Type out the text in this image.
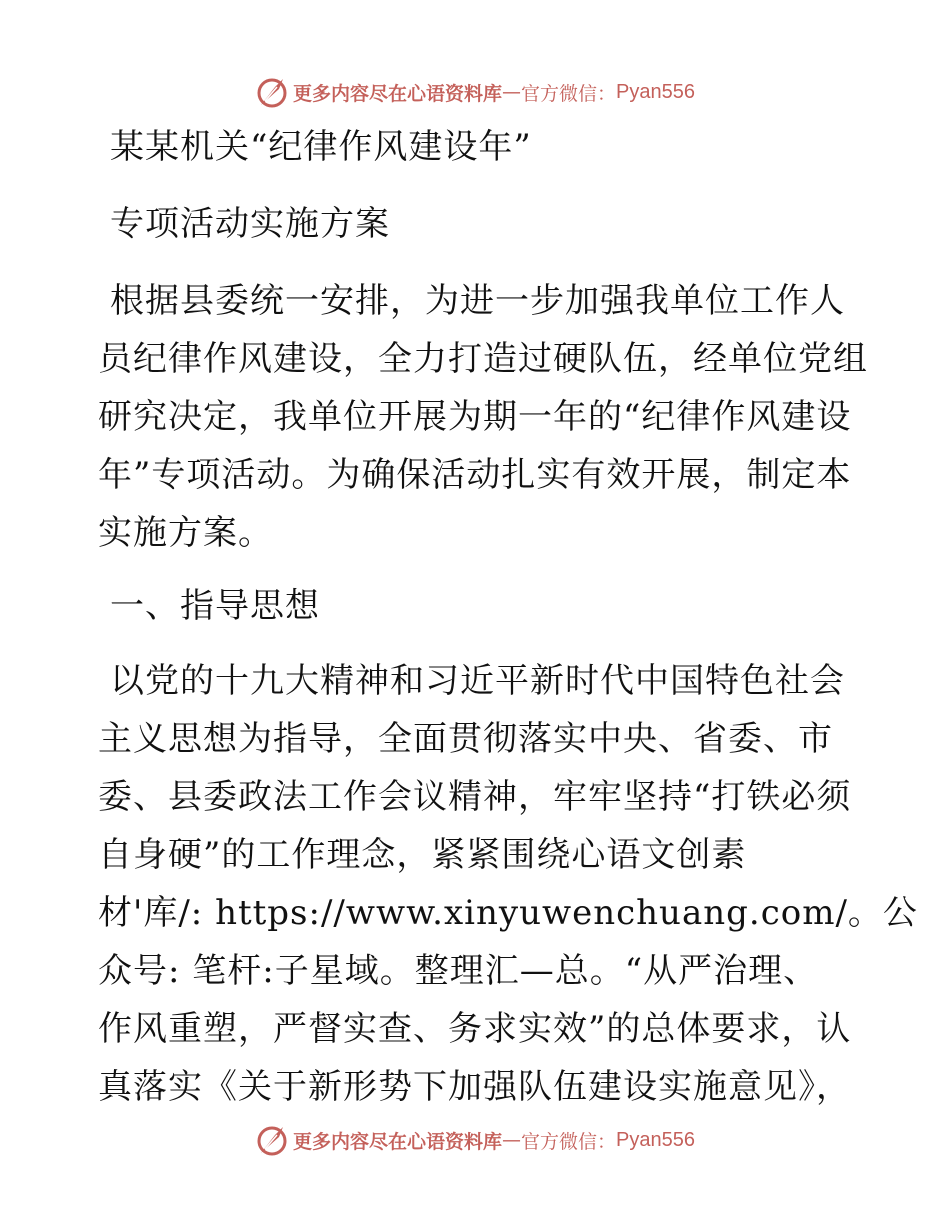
更多内容尽在心语资料库 — 官方微信： Pyan556
某某机关“纪律作风建设年”
专项活动实施方案
根据县委统一安排，为进一步加强我单位工作人
员纪律作风建设，全力打造过硬队伍，经单位党组
研究决定，我单位开展为期一年的“纪律作风建设
年”专项活动。为确保活动扎实有效开展，制定本
实施方案。
一、指导思想
以党的十九大精神和习近平新时代中国特色社会
主义思想为指导，全面贯彻落实中央、省委、市
委、县委政法工作会议精神，牢牢坚持“打铁必须
自身硬”的工作理念，紧紧围绕心语文创素
材'库/: https://www.xinyuwenchuang.com/。公
众号: 笔杆:子星域。整理汇—总。“从严治理、
作风重塑，严督实查、务求实效”的总体要求，认
真落实《关于新形势下加强队伍建设实施意见》，
更多内容尽在心语资料库 — 官方微信： Pyan556
